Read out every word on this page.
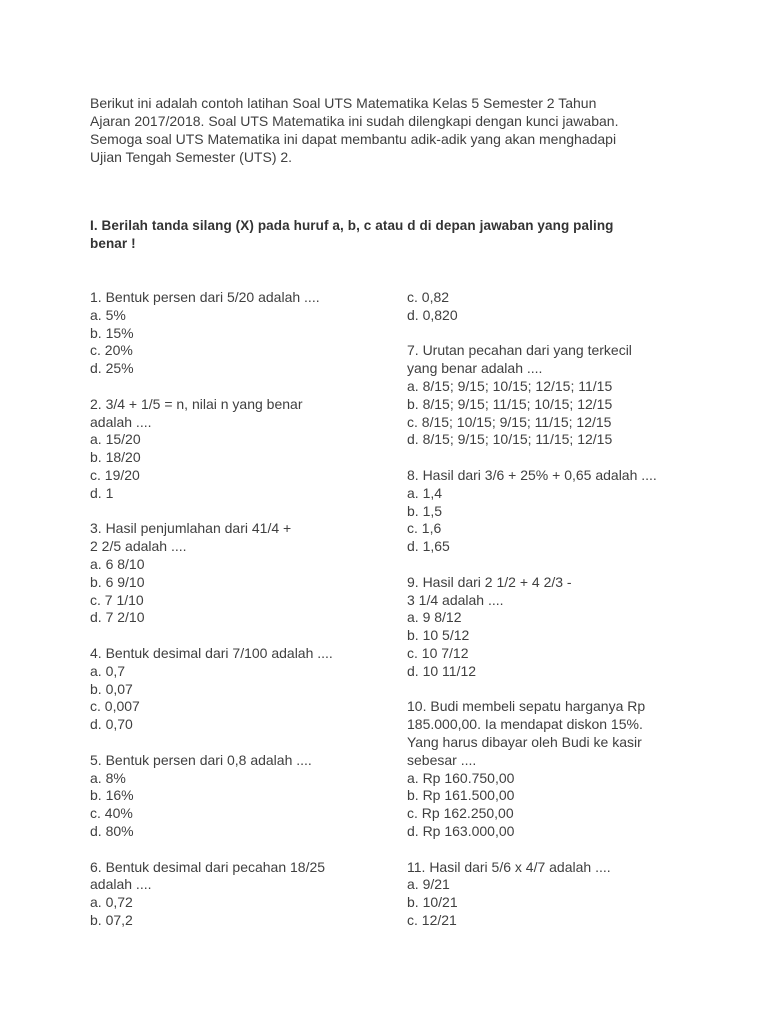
Berikut ini adalah contoh latihan Soal UTS Matematika Kelas 5 Semester 2 Tahun
Ajaran 2017/2018. Soal UTS Matematika ini sudah dilengkapi dengan kunci jawaban.
Semoga soal UTS Matematika ini dapat membantu adik-adik yang akan menghadapi
Ujian Tengah Semester (UTS) 2.
I. Berilah tanda silang (X) pada huruf a, b, c atau d di depan jawaban yang paling
benar !
1. Bentuk persen dari 5/20 adalah ....
a. 5%
b. 15%
c. 20%
d. 25%
2. 3/4 + 1/5 = n, nilai n yang benar
adalah ....
a. 15/20
b. 18/20
c. 19/20
d. 1
3. Hasil penjumlahan dari 41/4 +
2 2/5 adalah ....
a. 6 8/10
b. 6 9/10
c. 7 1/10
d. 7 2/10
4. Bentuk desimal dari 7/100 adalah ....
a. 0,7
b. 0,07
c. 0,007
d. 0,70
5. Bentuk persen dari 0,8 adalah ....
a. 8%
b. 16%
c. 40%
d. 80%
6. Bentuk desimal dari pecahan 18/25
adalah ....
a. 0,72
b. 07,2
c. 0,82
d. 0,820
7. Urutan pecahan dari yang terkecil
yang benar adalah ....
a. 8/15; 9/15; 10/15; 12/15; 11/15
b. 8/15; 9/15; 11/15; 10/15; 12/15
c. 8/15; 10/15; 9/15; 11/15; 12/15
d. 8/15; 9/15; 10/15; 11/15; 12/15
8. Hasil dari 3/6 + 25% + 0,65 adalah ....
a. 1,4
b. 1,5
c. 1,6
d. 1,65
9. Hasil dari 2 1/2 + 4 2/3 -
3 1/4 adalah ....
a. 9 8/12
b. 10 5/12
c. 10 7/12
d. 10 11/12
10. Budi membeli sepatu harganya Rp
185.000,00. Ia mendapat diskon 15%.
Yang harus dibayar oleh Budi ke kasir
sebesar ....
a. Rp 160.750,00
b. Rp 161.500,00
c. Rp 162.250,00
d. Rp 163.000,00
11. Hasil dari 5/6 x 4/7 adalah ....
a. 9/21
b. 10/21
c. 12/21
